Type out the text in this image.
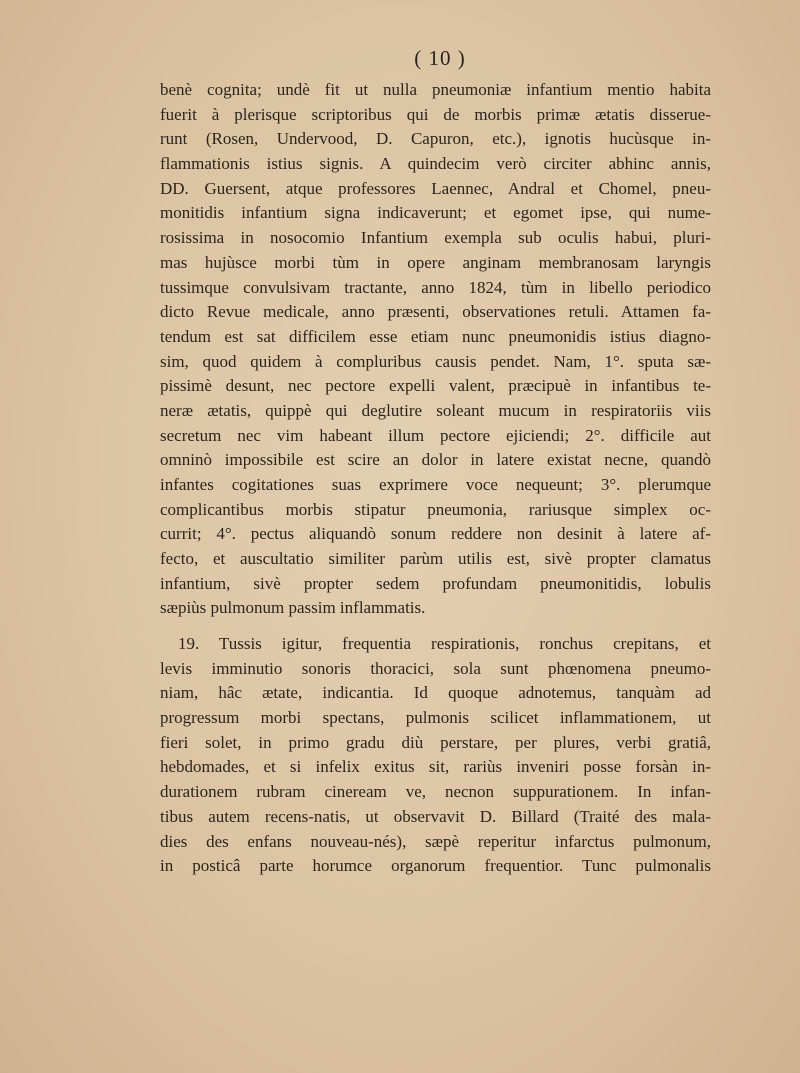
( 10 )
benè cognita; undè fit ut nulla pneumoniæ infantium mentio habita
fuerit à plerisque scriptoribus qui de morbis primæ ætatis disserue-
runt (Rosen, Undervood, D. Capuron, etc.), ignotis hucùsque in-
flammationis istius signis. A quindecim verò circiter abhinc annis,
DD. Guersent, atque professores Laennec, Andral et Chomel, pneu-
monitidis infantium signa indicaverunt; et egomet ipse, qui nume-
rosissima in nosocomio Infantium exempla sub oculis habui, pluri-
mas hujùsce morbi tùm in opere anginam membranosam laryngis
tussimque convulsivam tractante, anno 1824, tùm in libello periodico
dicto Revue medicale, anno præsenti, observationes retuli. Attamen fa-
tendum est sat difficilem esse etiam nunc pneumonidis istius diagno-
sim, quod quidem à compluribus causis pendet. Nam, 1°. sputa sæ-
pissimè desunt, nec pectore expelli valent, præcipuè in infantibus te-
neræ ætatis, quippè qui deglutire soleant mucum in respiratoriis viis
secretum nec vim habeant illum pectore ejiciendi; 2°. difficile aut
omninò impossibile est scire an dolor in latere existat necne, quandò
infantes cogitationes suas exprimere voce nequeunt; 3°. plerumque
complicantibus morbis stipatur pneumonia, rariusque simplex oc-
currit; 4°. pectus aliquandò sonum reddere non desinit à latere af-
fecto, et auscultatio similiter parùm utilis est, sivè propter clamatus
infantium, sivè propter sedem profundam pneumonitidis, lobulis
sæpiùs pulmonum passim inflammatis.
19. Tussis igitur, frequentia respirationis, ronchus crepitans, et
levis imminutio sonoris thoracici, sola sunt phœnomena pneumo-
niam, hâc ætate, indicantia. Id quoque adnotemus, tanquàm ad
progressum morbi spectans, pulmonis scilicet inflammationem, ut
fieri solet, in primo gradu diù perstare, per plures, verbi gratiâ,
hebdomades, et si infelix exitus sit, rariùs inveniri posse forsàn in-
durationem rubram cineream ve, necnon suppurationem. In infan-
tibus autem recens-natis, ut observavit D. Billard (Traité des mala-
dies des enfans nouveau-nés), sæpè reperitur infarctus pulmonum,
in posticâ parte horumce organorum frequentior. Tunc pulmonalis
